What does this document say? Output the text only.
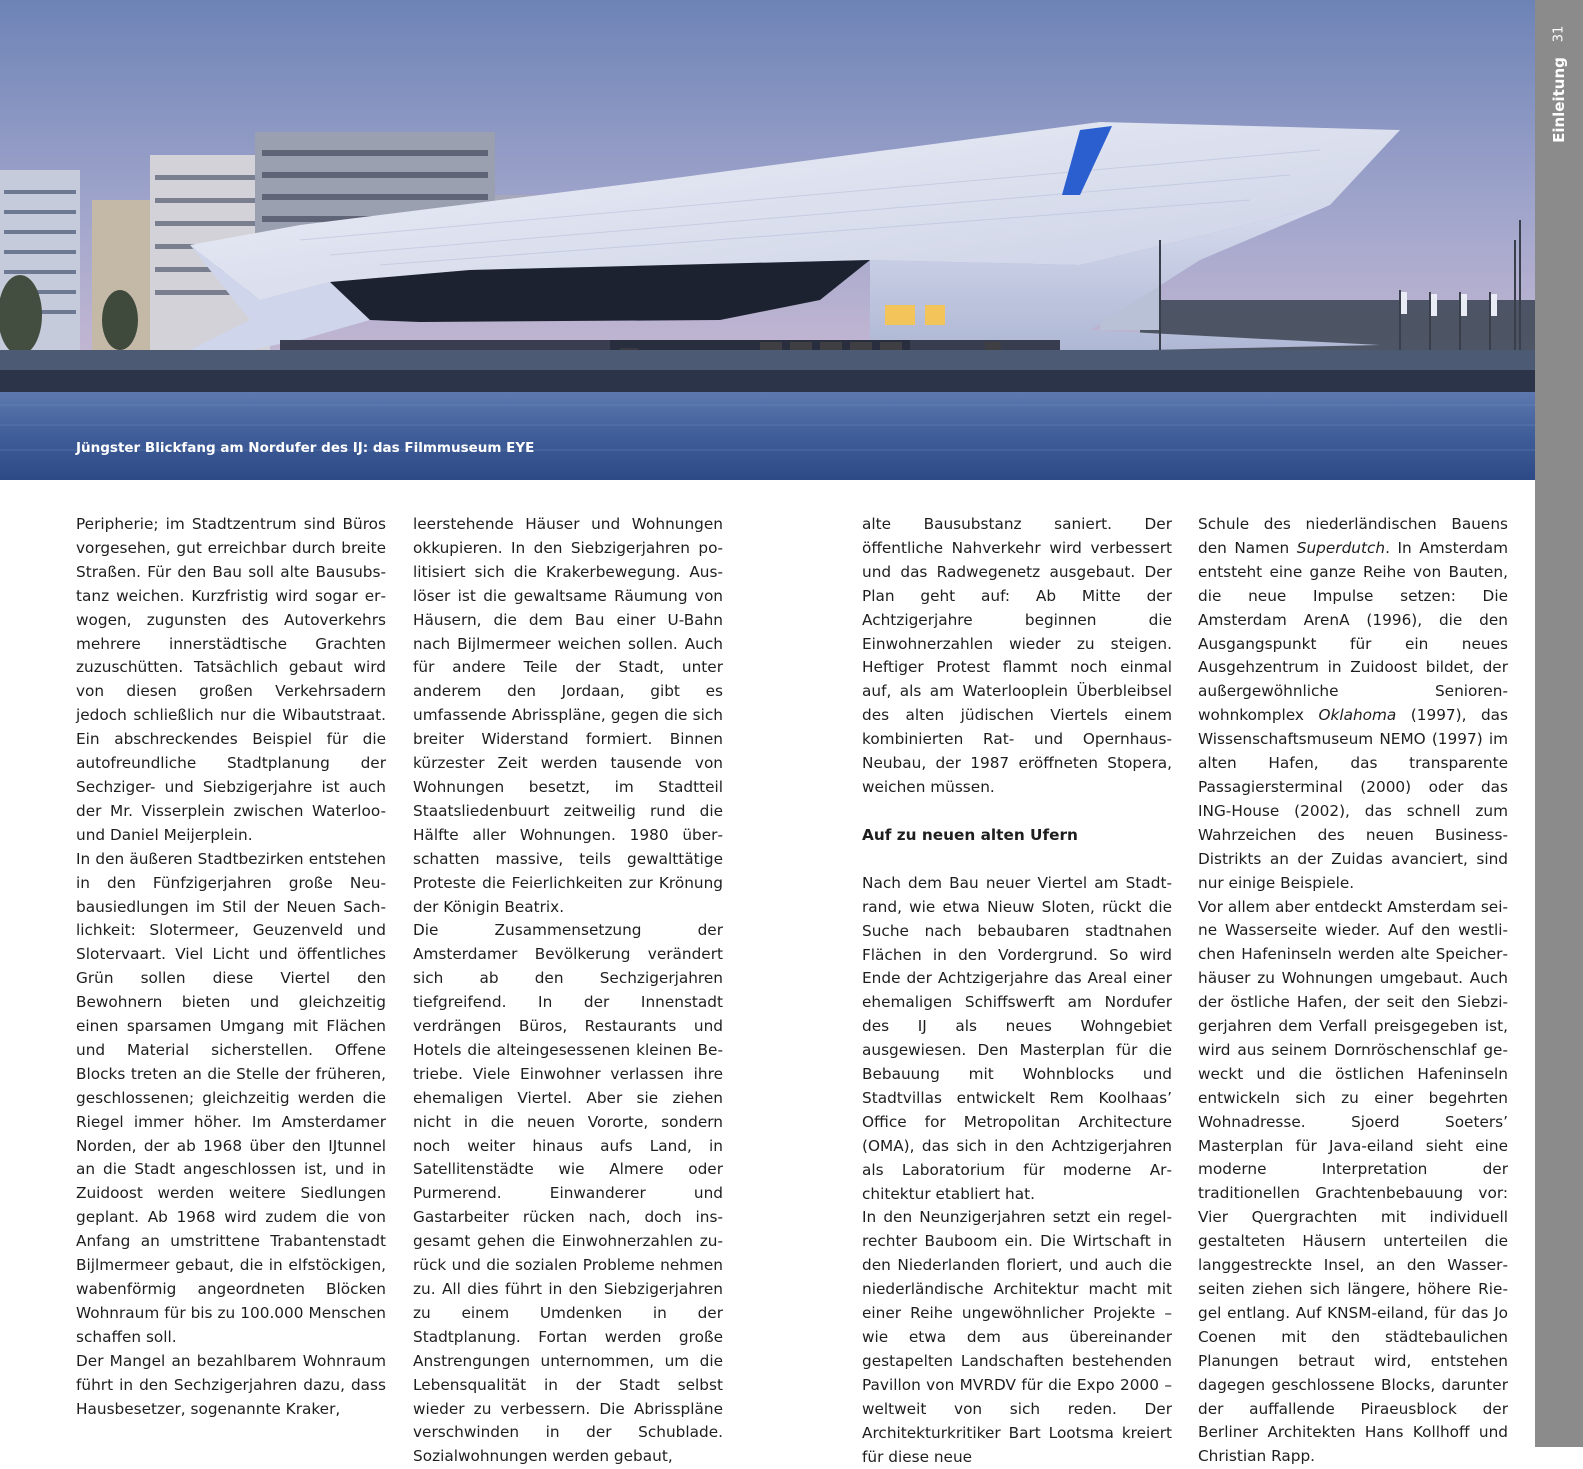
Jüngster Blickfang am Nordufer des IJ: das Filmmuseum EYE
31
Einleitung

Peripherie; im Stadtzentrum sind Büros vorgesehen, gut erreichbar durch breite Straßen. Für den Bau soll alte Bausubstanz weichen. Kurzfristig wird sogar erwogen, zugunsten des Autoverkehrs mehrere innerstädtische Grachten zuzuschütten. Tatsächlich gebaut wird von diesen großen Verkehrsadern jedoch schließlich nur die Wibautstraat. Ein abschreckendes Beispiel für die autofreundliche Stadtplanung der Sechziger- und Siebzigerjahre ist auch der Mr. Visserplein zwischen Waterloo- und Daniel Meijerplein.

In den äußeren Stadtbezirken entstehen in den Fünfzigerjahren große Neubausiedlungen im Stil der Neuen Sachlichkeit: Slotermeer, Geuzenveld und Slotervaart. Viel Licht und öffentliches Grün sollen diese Viertel den Bewohnern bieten und gleichzeitig einen sparsamen Umgang mit Flächen und Material sicherstellen. Offene Blocks treten an die Stelle der früheren, geschlossenen; gleichzeitig werden die Riegel immer höher. Im Amsterdamer Norden, der ab 1968 über den IJtunnel an die Stadt angeschlossen ist, und in Zuidoost werden weitere Siedlungen geplant. Ab 1968 wird zudem die von Anfang an umstrittene Trabantenstadt Bijlmermeer gebaut, die in elfstöckigen, wabenförmig angeordneten Blöcken Wohnraum für bis zu 100.000 Menschen schaffen soll.

Der Mangel an bezahlbarem Wohnraum führt in den Sechzigerjahren dazu, dass Hausbesetzer, sogenannte Kraker,

leerstehende Häuser und Wohnungen okkupieren. In den Siebzigerjahren politisiert sich die Krakerbewegung. Auslöser ist die gewaltsame Räumung von Häusern, die dem Bau einer U-Bahn nach Bijlmermeer weichen sollen. Auch für andere Teile der Stadt, unter anderem den Jordaan, gibt es umfassende Abrisspläne, gegen die sich breiter Widerstand formiert. Binnen kürzester Zeit werden tausende von Wohnungen besetzt, im Stadtteil Staatsliedenbuurt zeitweilig rund die Hälfte aller Wohnungen. 1980 überschatten massive, teils gewalttätige Proteste die Feierlichkeiten zur Krönung der Königin Beatrix.

Die Zusammensetzung der Amsterdamer Bevölkerung verändert sich ab den Sechzigerjahren tiefgreifend. In der Innenstadt verdrängen Büros, Restaurants und Hotels die alteingesessenen kleinen Betriebe. Viele Einwohner verlassen ihre ehemaligen Viertel. Aber sie ziehen nicht in die neuen Vororte, sondern noch weiter hinaus aufs Land, in Satellitenstädte wie Almere oder Purmerend. Einwanderer und Gastarbeiter rücken nach, doch insgesamt gehen die Einwohnerzahlen zurück und die sozialen Probleme nehmen zu. All dies führt in den Siebzigerjahren zu einem Umdenken in der Stadtplanung. Fortan werden große Anstrengungen unternommen, um die Lebensqualität in der Stadt selbst wieder zu verbessern. Die Abrisspläne verschwinden in der Schublade. Sozialwohnungen werden gebaut,

alte Bausubstanz saniert. Der öffentliche Nahverkehr wird verbessert und das Radwegenetz ausgebaut. Der Plan geht auf: Ab Mitte der Achtzigerjahre beginnen die Einwohnerzahlen wieder zu steigen. Heftiger Protest flammt noch einmal auf, als am Waterlooplein Überbleibsel des alten jüdischen Viertels einem kombinierten Rat- und Opernhaus-Neubau, der 1987 eröffneten Stopera, weichen müssen.

Auf zu neuen alten Ufern

Nach dem Bau neuer Viertel am Stadtrand, wie etwa Nieuw Sloten, rückt die Suche nach bebaubaren stadtnahen Flächen in den Vordergrund. So wird Ende der Achtzigerjahre das Areal einer ehemaligen Schiffswerft am Nordufer des IJ als neues Wohngebiet ausgewiesen. Den Masterplan für die Bebauung mit Wohnblocks und Stadtvillas entwickelt Rem Koolhaas’ Office for Metropolitan Architecture (OMA), das sich in den Achtzigerjahren als Laboratorium für moderne Architektur etabliert hat.

In den Neunzigerjahren setzt ein regelrechter Bauboom ein. Die Wirtschaft in den Niederlanden floriert, und auch die niederländische Architektur macht mit einer Reihe ungewöhnlicher Projekte – wie etwa dem aus übereinander gestapelten Landschaften bestehenden Pavillon von MVRDV für die Expo 2000 – weltweit von sich reden. Der Architekturkritiker Bart Lootsma kreiert für diese neue

Schule des niederländischen Bauens den Namen Superdutch. In Amsterdam entsteht eine ganze Reihe von Bauten, die neue Impulse setzen: Die Amsterdam ArenA (1996), die den Ausgangspunkt für ein neues Ausgehzentrum in Zuidoost bildet, der außergewöhnliche Seniorenwohnkomplex Oklahoma (1997), das Wissenschaftsmuseum NEMO (1997) im alten Hafen, das transparente Passagiersterminal (2000) oder das ING-House (2002), das schnell zum Wahrzeichen des neuen Business-Distrikts an der Zuidas avanciert, sind nur einige Beispiele.

Vor allem aber entdeckt Amsterdam seine Wasserseite wieder. Auf den westlichen Hafeninseln werden alte Speicherhäuser zu Wohnungen umgebaut. Auch der östliche Hafen, der seit den Siebzigerjahren dem Verfall preisgegeben ist, wird aus seinem Dornröschenschlaf geweckt und die östlichen Hafeninseln entwickeln sich zu einer begehrten Wohnadresse. Sjoerd Soeters’ Masterplan für Java-eiland sieht eine moderne Interpretation der traditionellen Grachtenbebauung vor: Vier Quergrachten mit individuell gestalteten Häusern unterteilen die langgestreckte Insel, an den Wasserseiten ziehen sich längere, höhere Riegel entlang. Auf KNSM-eiland, für das Jo Coenen mit den städtebaulichen Planungen betraut wird, entstehen dagegen geschlossene Blocks, darunter der auffallende Piraeusblock der Berliner Architekten Hans Kollhoff und Christian Rapp.
